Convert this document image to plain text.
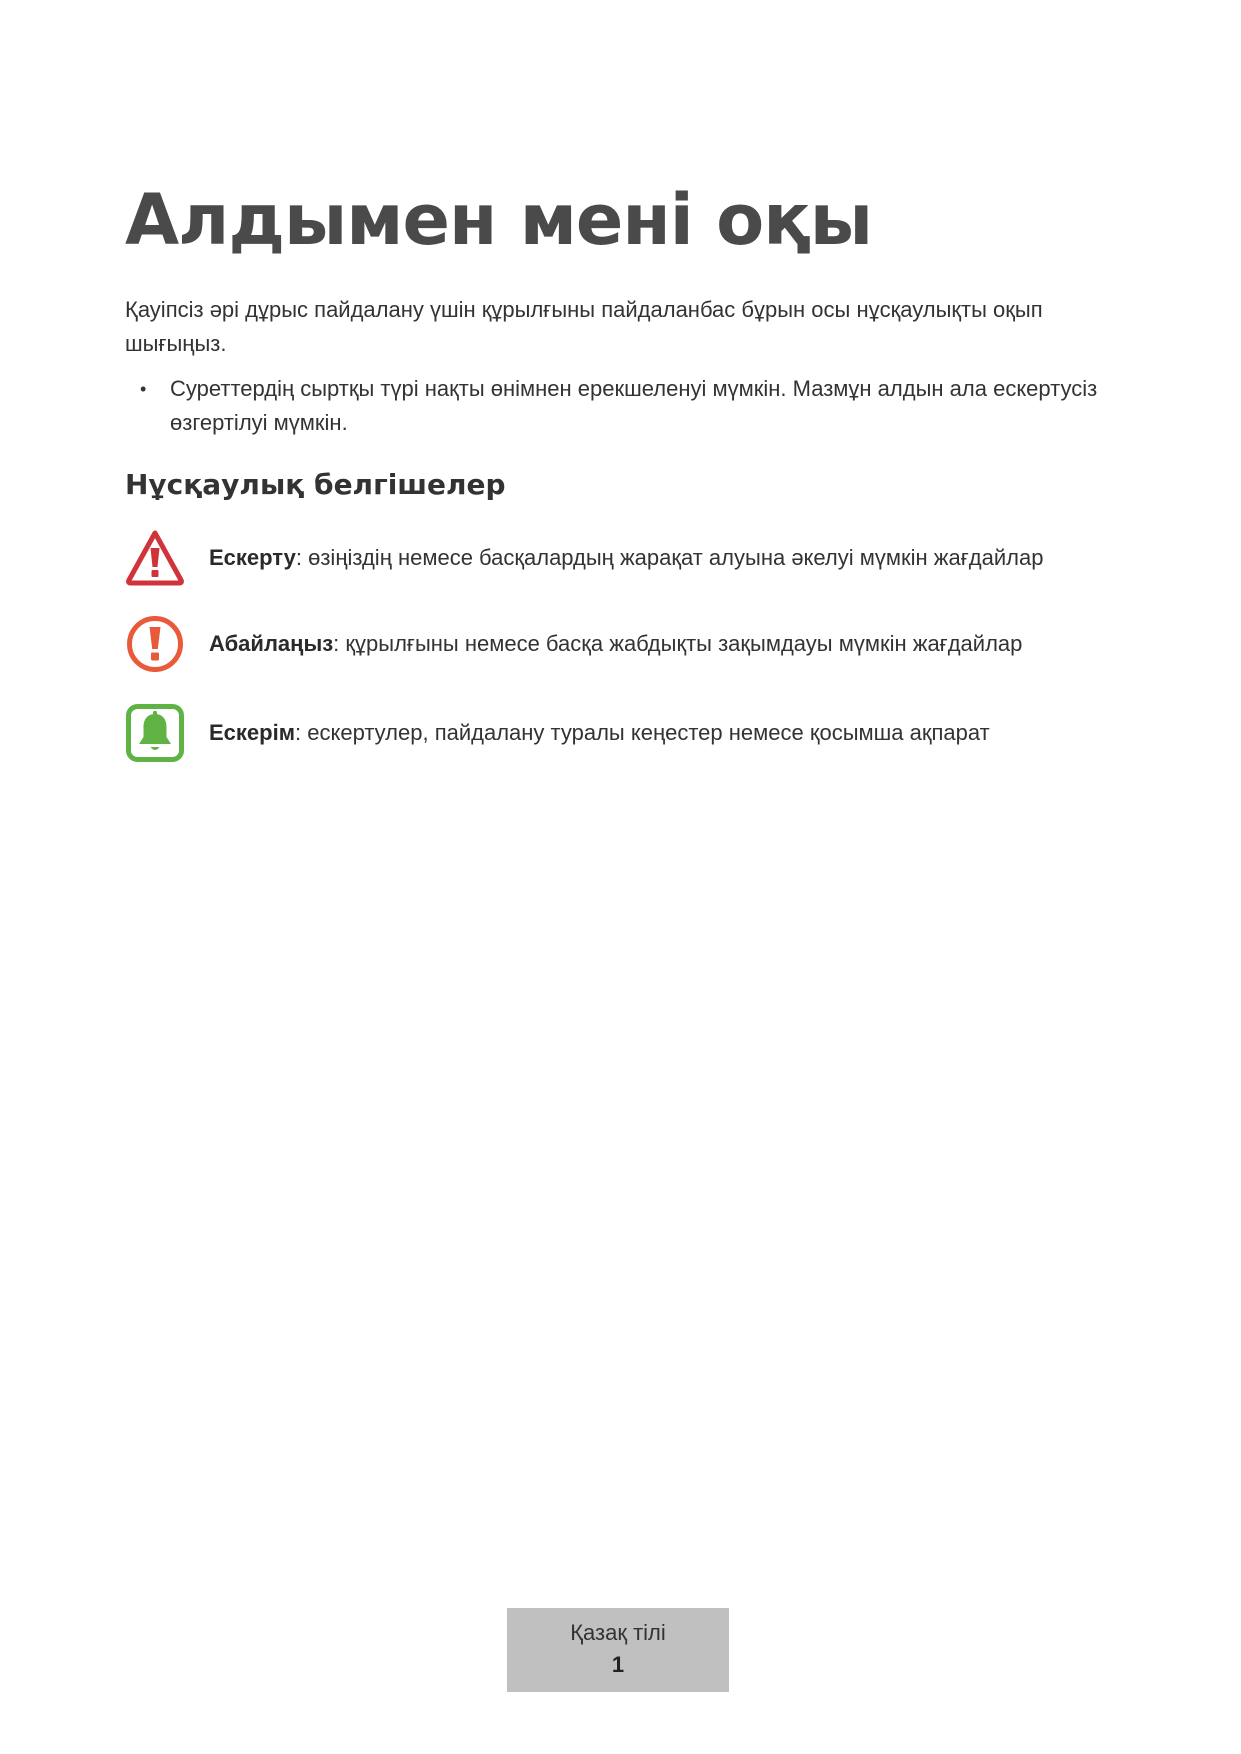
Алдымен мені оқы

Қауіпсіз әрі дұрыс пайдалану үшін құрылғыны пайдаланбас бұрын осы нұсқаулықты оқып шығыңыз.

• Суреттердің сыртқы түрі нақты өнімнен ерекшеленуі мүмкін. Мазмұн алдын ала ескертусіз өзгертілуі мүмкін.
Нұсқаулық белгішелер
Ескерту: өзіңіздің немесе басқалардың жарақат алуына әкелуі мүмкін жағдайлар
Абайлаңыз: құрылғыны немесе басқа жабдықты зақымдауы мүмкін жағдайлар
Ескерім: ескертулер, пайдалану туралы кеңестер немесе қосымша ақпарат
Қазақ тілі
1
